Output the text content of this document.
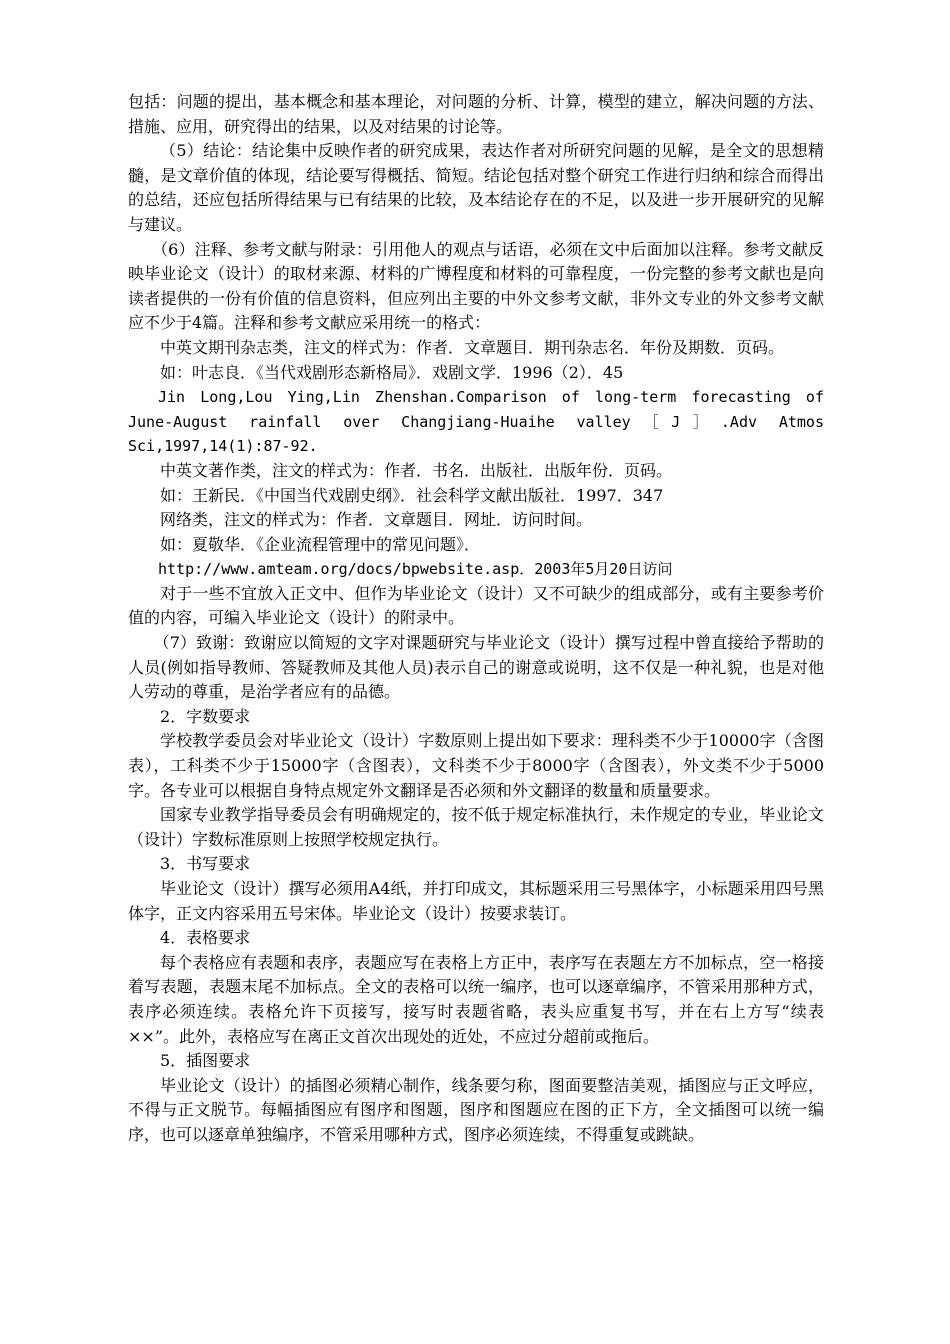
包括：问题的提出，基本概念和基本理论，对问题的分析、计算，模型的建立，解决问题的方法、措施、应用，研究得出的结果，以及对结果的讨论等。

（5）结论：结论集中反映作者的研究成果，表达作者对所研究问题的见解，是全文的思想精髓，是文章价值的体现，结论要写得概括、简短。结论包括对整个研究工作进行归纳和综合而得出的总结，还应包括所得结果与已有结果的比较，及本结论存在的不足，以及进一步开展研究的见解与建议。

（6）注释、参考文献与附录：引用他人的观点与话语，必须在文中后面加以注释。参考文献反映毕业论文（设计）的取材来源、材料的广博程度和材料的可靠程度，一份完整的参考文献也是向读者提供的一份有价值的信息资料，但应列出主要的中外文参考文献，非外文专业的外文参考文献应不少于4篇。注释和参考文献应采用统一的格式：

中英文期刊杂志类，注文的样式为：作者．文章题目．期刊杂志名．年份及期数．页码。

如：叶志良．《当代戏剧形态新格局》．戏剧文学．1996（2）．45

Jin Long,Lou Ying,Lin Zhenshan.Comparison of long-term forecasting of June-August rainfall over Changjiang-Huaihe valley［J］.Adv Atmos Sci,1997,14(1):87-92.

中英文著作类，注文的样式为：作者．书名．出版社．出版年份．页码。

如：王新民．《中国当代戏剧史纲》．社会科学文献出版社．1997．347

网络类，注文的样式为：作者．文章题目．网址．访问时间。

如：夏敬华．《企业流程管理中的常见问题》．

http://www.amteam.org/docs/bpwebsite.asp．2003年5月20日访问

对于一些不宜放入正文中、但作为毕业论文（设计）又不可缺少的组成部分，或有主要参考价值的内容，可编入毕业论文（设计）的附录中。

（7）致谢：致谢应以简短的文字对课题研究与毕业论文（设计）撰写过程中曾直接给予帮助的人员(例如指导教师、答疑教师及其他人员)表示自己的谢意或说明，这不仅是一种礼貌，也是对他人劳动的尊重，是治学者应有的品德。

2．字数要求

学校教学委员会对毕业论文（设计）字数原则上提出如下要求：理科类不少于10000字（含图表），工科类不少于15000字（含图表），文科类不少于8000字（含图表），外文类不少于5000字。各专业可以根据自身特点规定外文翻译是否必须和外文翻译的数量和质量要求。

国家专业教学指导委员会有明确规定的，按不低于规定标准执行，未作规定的专业，毕业论文（设计）字数标准原则上按照学校规定执行。

3．书写要求

毕业论文（设计）撰写必须用A4纸，并打印成文，其标题采用三号黑体字，小标题采用四号黑体字，正文内容采用五号宋体。毕业论文（设计）按要求装订。

4．表格要求

每个表格应有表题和表序，表题应写在表格上方正中，表序写在表题左方不加标点，空一格接着写表题，表题末尾不加标点。全文的表格可以统一编序，也可以逐章编序，不管采用那种方式，表序必须连续。表格允许下页接写，接写时表题省略，表头应重复书写，并在右上方写“续表××”。此外，表格应写在离正文首次出现处的近处，不应过分超前或拖后。

5．插图要求

毕业论文（设计）的插图必须精心制作，线条要匀称，图面要整洁美观，插图应与正文呼应，不得与正文脱节。每幅插图应有图序和图题，图序和图题应在图的正下方，全文插图可以统一编序，也可以逐章单独编序，不管采用哪种方式，图序必须连续，不得重复或跳缺。
